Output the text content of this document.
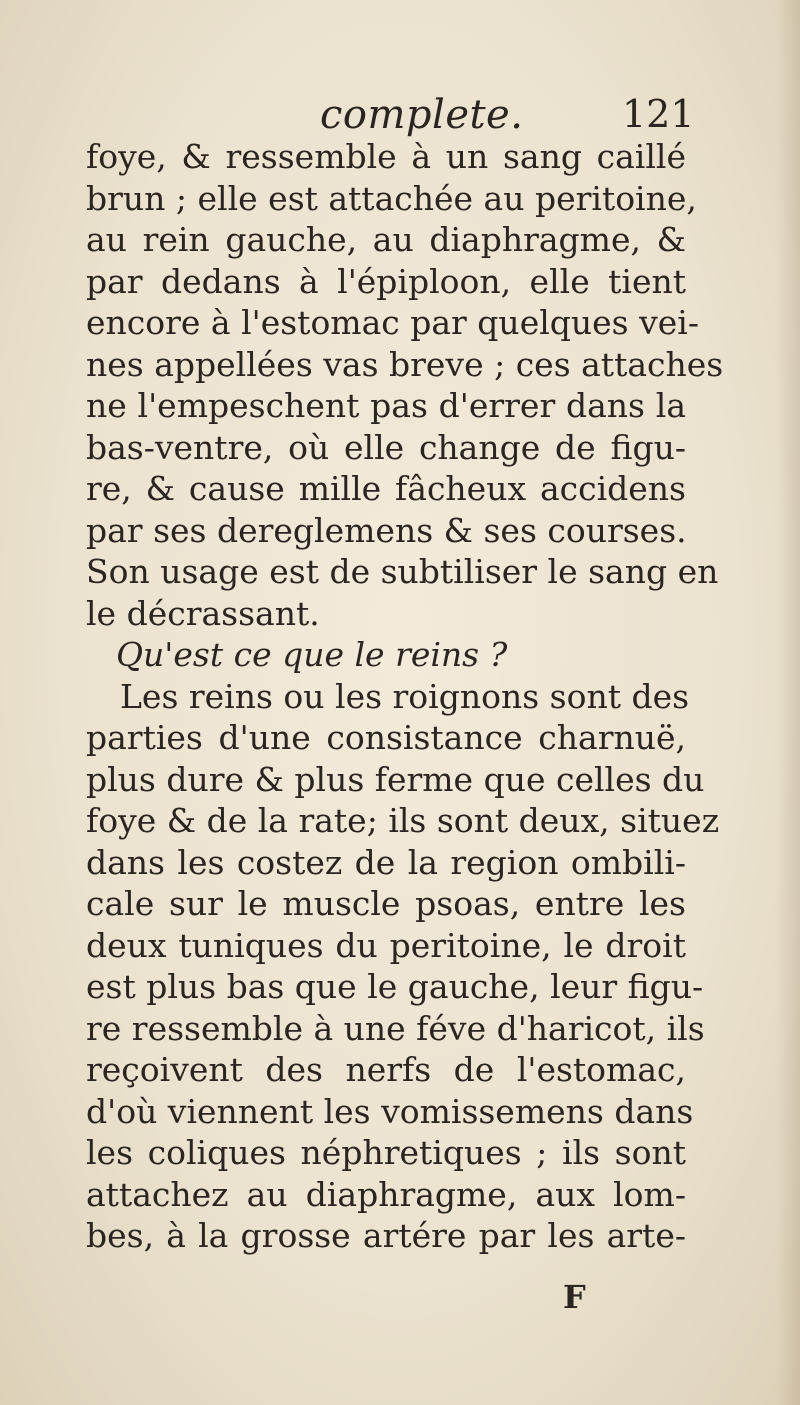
complete.	121
foye, & ressemble à un sang caillé
brun ; elle est attachée au peritoine,
au rein gauche, au diaphragme, &
par dedans à l'épiploon, elle tient
encore à l'estomac par quelques vei-
nes appellées vas breve ; ces attaches
ne l'empeschent pas d'errer dans la
bas-ventre, où elle change de figu-
re, & cause mille fâcheux accidens
par ses dereglemens & ses courses.
Son usage est de subtiliser le sang en
le décrassant.
Qu'est ce que le reins ?
Les reins ou les roignons sont des
parties d'une consistance charnuë,
plus dure & plus ferme que celles du
foye & de la rate; ils sont deux, situez
dans les costez de la region ombili-
cale sur le muscle psoas, entre les
deux tuniques du peritoine, le droit
est plus bas que le gauche, leur figu-
re ressemble à une féve d'haricot, ils
reçoivent des nerfs de l'estomac,
d'où viennent les vomissemens dans
les coliques néphretiques ; ils sont
attachez au diaphragme, aux lom-
bes, à la grosse artére par les arte-
F
